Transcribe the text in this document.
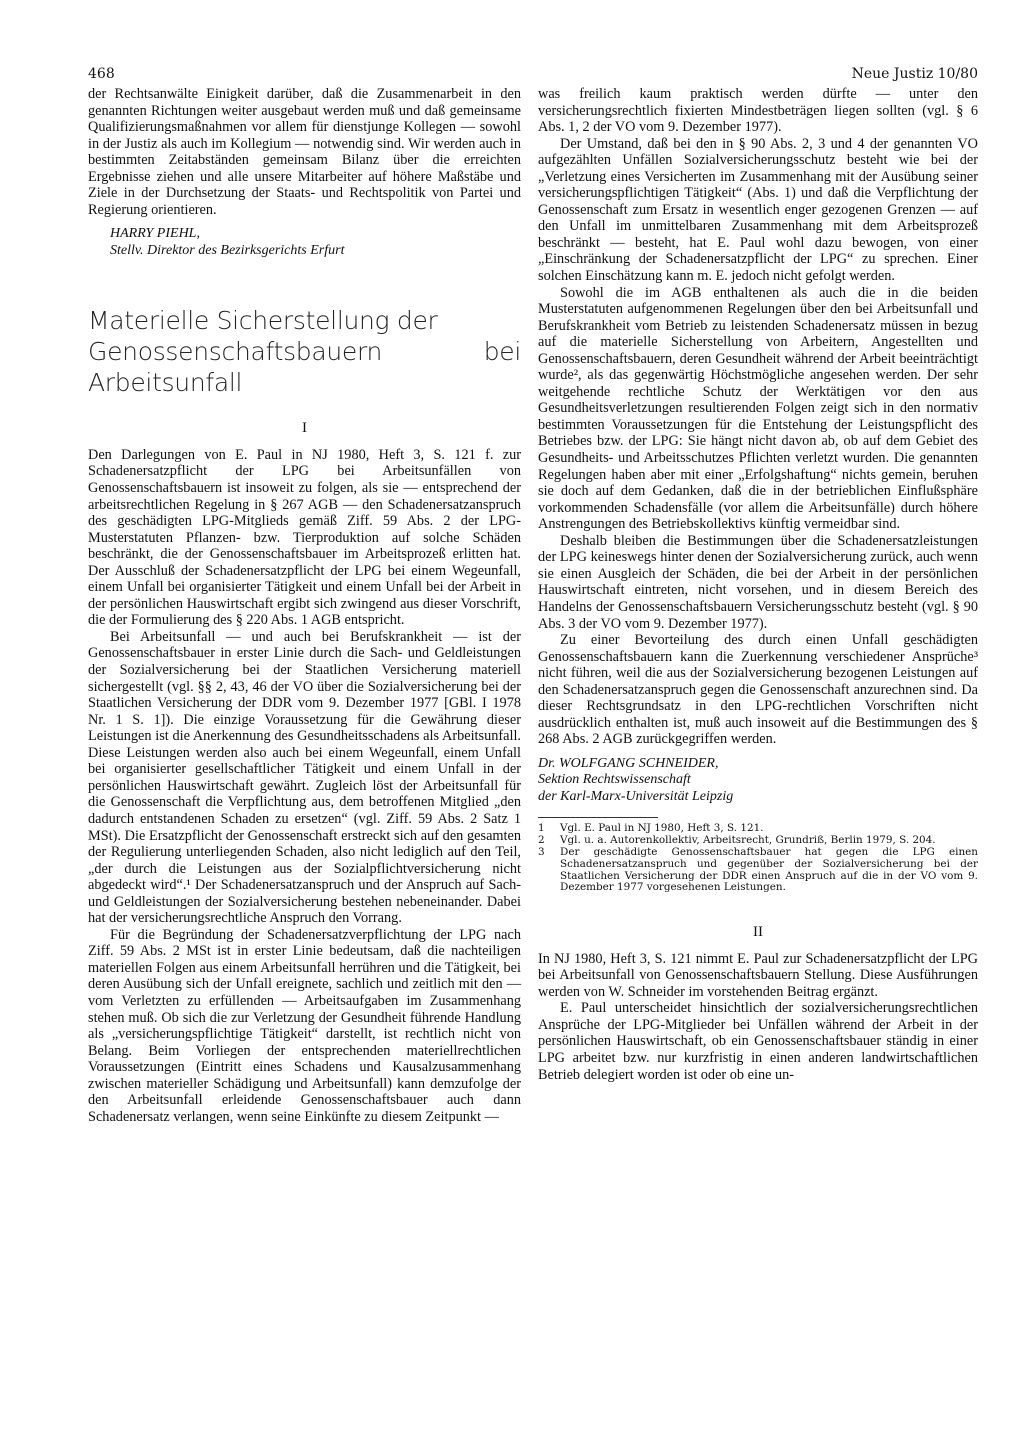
468	Neue Justiz 10/80

der Rechtsanwälte Einigkeit darüber, daß die Zusammenarbeit in den genannten Richtungen weiter ausgebaut werden muß und daß gemeinsame Qualifizierungsmaßnahmen vor allem für dienstjunge Kollegen — sowohl in der Justiz als auch im Kollegium — notwendig sind. Wir werden auch in bestimmten Zeitabständen gemeinsam Bilanz über die erreichten Ergebnisse ziehen und alle unsere Mitarbeiter auf höhere Maßstäbe und Ziele in der Durchsetzung der Staats- und Rechtspolitik von Partei und Regierung orientieren.

HARRY PIEHL,
Stellv. Direktor des Bezirksgerichts Erfurt
Materielle Sicherstellung der
Genossenschaftsbauern bei Arbeitsunfall
I

Den Darlegungen von E. Paul in NJ 1980, Heft 3, S. 121 f. zur Schadenersatzpflicht der LPG bei Arbeitsunfällen von Genossenschaftsbauern ist insoweit zu folgen, als sie — entsprechend der arbeitsrechtlichen Regelung in § 267 AGB — den Schadenersatzanspruch des geschädigten LPG-Mitglieds gemäß Ziff. 59 Abs. 2 der LPG-Musterstatuten Pflanzen- bzw. Tierproduktion auf solche Schäden beschränkt, die der Genossenschaftsbauer im Arbeitsprozeß erlitten hat. Der Ausschluß der Schadenersatzpflicht der LPG bei einem Wegeunfall, einem Unfall bei organisierter Tätigkeit und einem Unfall bei der Arbeit in der persönlichen Hauswirtschaft ergibt sich zwingend aus dieser Vorschrift, die der Formulierung des § 220 Abs. 1 AGB entspricht.

Bei Arbeitsunfall — und auch bei Berufskrankheit — ist der Genossenschaftsbauer in erster Linie durch die Sach- und Geldleistungen der Sozialversicherung bei der Staatlichen Versicherung materiell sichergestellt (vgl. §§ 2, 43, 46 der VO über die Sozialversicherung bei der Staatlichen Versicherung der DDR vom 9. Dezember 1977 [GBl. I 1978 Nr. 1 S. 1]). Die einzige Voraussetzung für die Gewährung dieser Leistungen ist die Anerkennung des Gesundheitsschadens als Arbeitsunfall. Diese Leistungen werden also auch bei einem Wegeunfall, einem Unfall bei organisierter gesellschaftlicher Tätigkeit und einem Unfall in der persönlichen Hauswirtschaft gewährt. Zugleich löst der Arbeitsunfall für die Genossenschaft die Verpflichtung aus, dem betroffenen Mitglied „den dadurch entstandenen Schaden zu ersetzen“ (vgl. Ziff. 59 Abs. 2 Satz 1 MSt). Die Ersatzpflicht der Genossenschaft erstreckt sich auf den gesamten der Regulierung unterliegenden Schaden, also nicht lediglich auf den Teil, „der durch die Leistungen aus der Sozialpflichtversicherung nicht abgedeckt wird“.¹ Der Schadenersatzanspruch und der Anspruch auf Sach- und Geldleistungen der Sozialversicherung bestehen nebeneinander. Dabei hat der versicherungsrechtliche Anspruch den Vorrang.

Für die Begründung der Schadenersatzverpflichtung der LPG nach Ziff. 59 Abs. 2 MSt ist in erster Linie bedeutsam, daß die nachteiligen materiellen Folgen aus einem Arbeitsunfall herrühren und die Tätigkeit, bei deren Ausübung sich der Unfall ereignete, sachlich und zeitlich mit den — vom Verletzten zu erfüllenden — Arbeitsaufgaben im Zusammenhang stehen muß. Ob sich die zur Verletzung der Gesundheit führende Handlung als „versicherungspflichtige Tätigkeit“ darstellt, ist rechtlich nicht von Belang. Beim Vorliegen der entsprechenden materiellrechtlichen Voraussetzungen (Eintritt eines Schadens und Kausalzusammenhang zwischen materieller Schädigung und Arbeitsunfall) kann demzufolge der den Arbeitsunfall erleidende Genossenschaftsbauer auch dann Schadenersatz verlangen, wenn seine Einkünfte zu diesem Zeitpunkt —

was freilich kaum praktisch werden dürfte — unter den versicherungsrechtlich fixierten Mindestbeträgen liegen sollten (vgl. § 6 Abs. 1, 2 der VO vom 9. Dezember 1977).

Der Umstand, daß bei den in § 90 Abs. 2, 3 und 4 der genannten VO aufgezählten Unfällen Sozialversicherungsschutz besteht wie bei der „Verletzung eines Versicherten im Zusammenhang mit der Ausübung seiner versicherungspflichtigen Tätigkeit“ (Abs. 1) und daß die Verpflichtung der Genossenschaft zum Ersatz in wesentlich enger gezogenen Grenzen — auf den Unfall im unmittelbaren Zusammenhang mit dem Arbeitsprozeß beschränkt — besteht, hat E. Paul wohl dazu bewogen, von einer „Einschränkung der Schadenersatzpflicht der LPG“ zu sprechen. Einer solchen Einschätzung kann m. E. jedoch nicht gefolgt werden.

Sowohl die im AGB enthaltenen als auch die in die beiden Musterstatuten aufgenommenen Regelungen über den bei Arbeitsunfall und Berufskrankheit vom Betrieb zu leistenden Schadenersatz müssen in bezug auf die materielle Sicherstellung von Arbeitern, Angestellten und Genossenschaftsbauern, deren Gesundheit während der Arbeit beeinträchtigt wurde², als das gegenwärtig Höchstmögliche angesehen werden. Der sehr weitgehende rechtliche Schutz der Werktätigen vor den aus Gesundheitsverletzungen resultierenden Folgen zeigt sich in den normativ bestimmten Voraussetzungen für die Entstehung der Leistungspflicht des Betriebes bzw. der LPG: Sie hängt nicht davon ab, ob auf dem Gebiet des Gesundheits- und Arbeitsschutzes Pflichten verletzt wurden. Die genannten Regelungen haben aber mit einer „Erfolgshaftung“ nichts gemein, beruhen sie doch auf dem Gedanken, daß die in der betrieblichen Einflußsphäre vorkommenden Schadensfälle (vor allem die Arbeitsunfälle) durch höhere Anstrengungen des Betriebskollektivs künftig vermeidbar sind.

Deshalb bleiben die Bestimmungen über die Schadenersatzleistungen der LPG keineswegs hinter denen der Sozialversicherung zurück, auch wenn sie einen Ausgleich der Schäden, die bei der Arbeit in der persönlichen Hauswirtschaft eintreten, nicht vorsehen, und in diesem Bereich des Handelns der Genossenschaftsbauern Versicherungsschutz besteht (vgl. § 90 Abs. 3 der VO vom 9. Dezember 1977).

Zu einer Bevorteilung des durch einen Unfall geschädigten Genossenschaftsbauern kann die Zuerkennung verschiedener Ansprüche³ nicht führen, weil die aus der Sozialversicherung bezogenen Leistungen auf den Schadenersatzanspruch gegen die Genossenschaft anzurechnen sind. Da dieser Rechtsgrundsatz in den LPG-rechtlichen Vorschriften nicht ausdrücklich enthalten ist, muß auch insoweit auf die Bestimmungen des § 268 Abs. 2 AGB zurückgegriffen werden.

Dr. WOLFGANG SCHNEIDER,
Sektion Rechtswissenschaft
der Karl-Marx-Universität Leipzig
1	Vgl. E. Paul in NJ 1980, Heft 3, S. 121.
2	Vgl. u. a. Autorenkollektiv, Arbeitsrecht, Grundriß, Berlin 1979, S. 204.
3	Der geschädigte Genossenschaftsbauer hat gegen die LPG einen Schadenersatzanspruch und gegenüber der Sozialversicherung bei der Staatlichen Versicherung der DDR einen Anspruch auf die in der VO vom 9. Dezember 1977 vorgesehenen Leistungen.
II

In NJ 1980, Heft 3, S. 121 nimmt E. Paul zur Schadenersatzpflicht der LPG bei Arbeitsunfall von Genossenschaftsbauern Stellung. Diese Ausführungen werden von W. Schneider im vorstehenden Beitrag ergänzt.

E. Paul unterscheidet hinsichtlich der sozialversicherungsrechtlichen Ansprüche der LPG-Mitglieder bei Unfällen während der Arbeit in der persönlichen Hauswirtschaft, ob ein Genossenschaftsbauer ständig in einer LPG arbeitet bzw. nur kurzfristig in einen anderen landwirtschaftlichen Betrieb delegiert worden ist oder ob eine un-
